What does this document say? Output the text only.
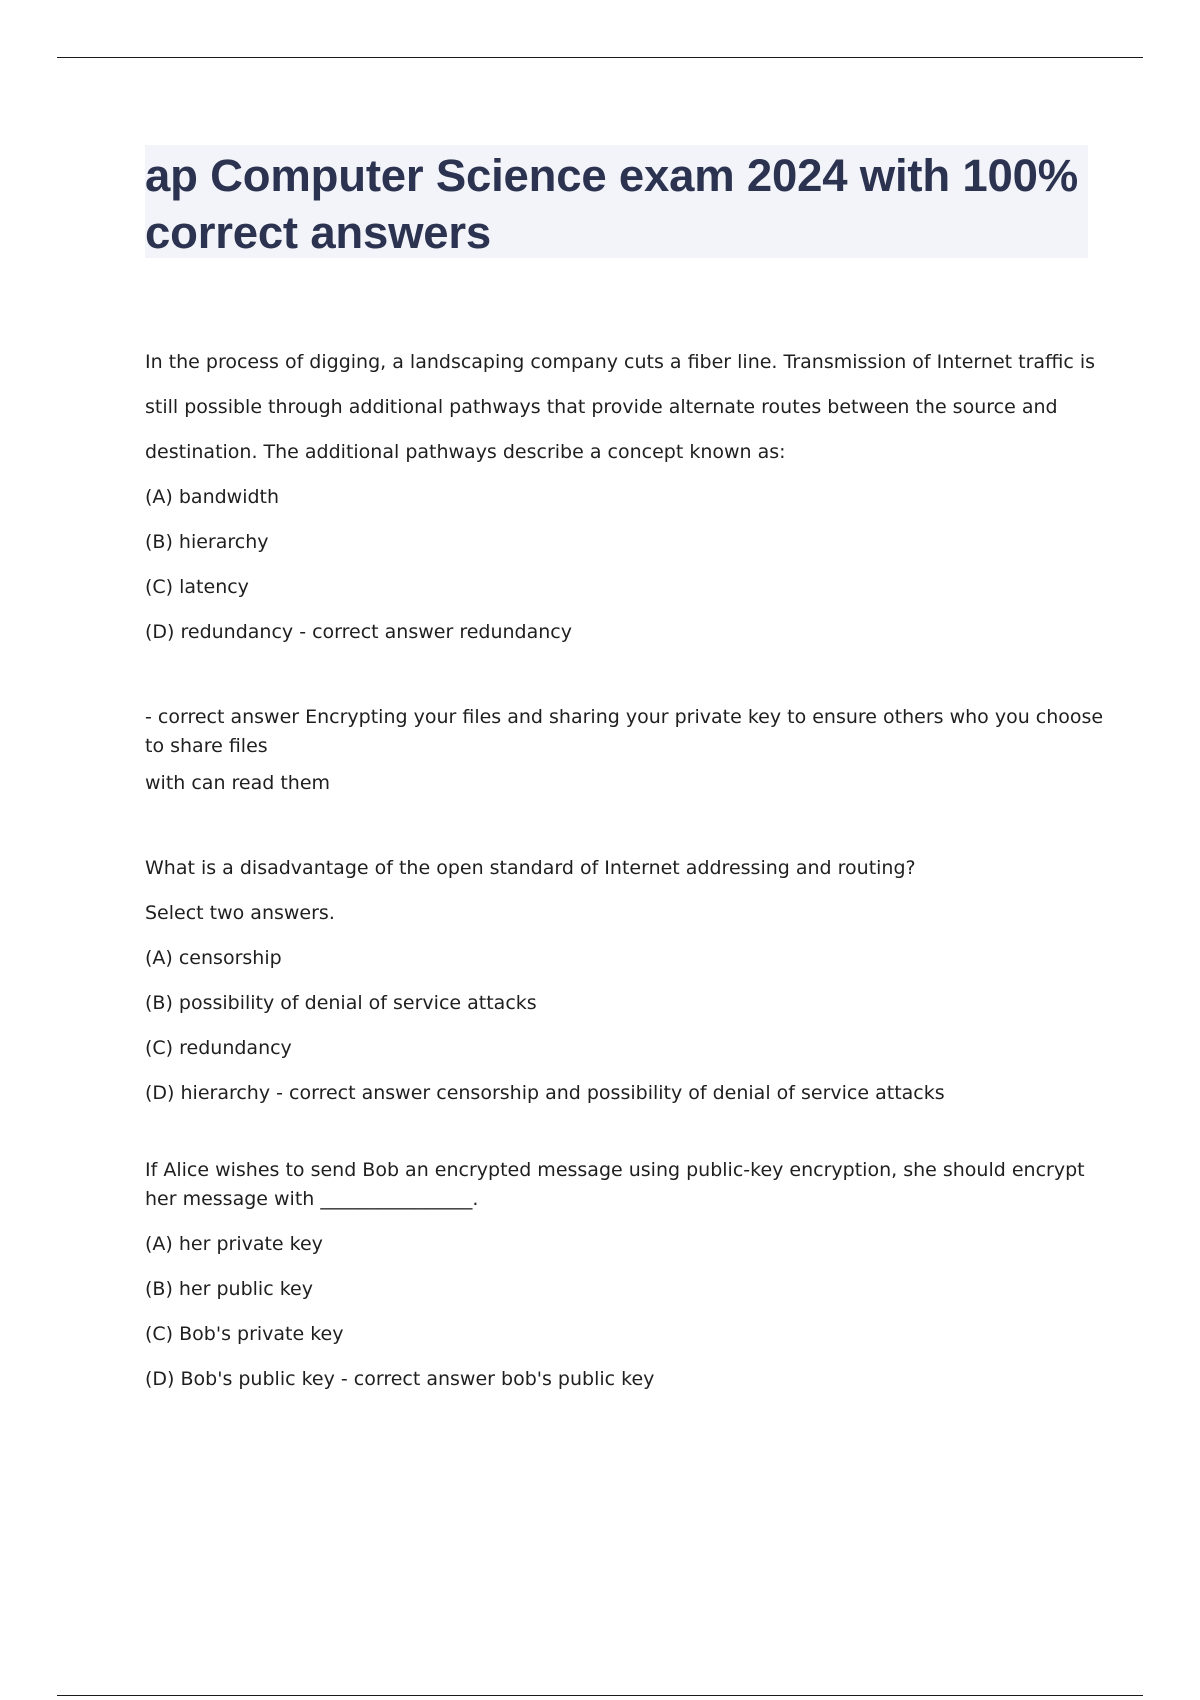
ap Computer Science exam 2024 with 100% correct answers

In the process of digging, a landscaping company cuts a fiber line. Transmission of Internet traffic is

still possible through additional pathways that provide alternate routes between the source and

destination. The additional pathways describe a concept known as:

(A) bandwidth

(B) hierarchy

(C) latency

(D) redundancy - correct answer redundancy

- correct answer Encrypting your files and sharing your private key to ensure others who you choose to share files

with can read them

What is a disadvantage of the open standard of Internet addressing and routing?

Select two answers.

(A) censorship

(B) possibility of denial of service attacks

(C) redundancy

(D) hierarchy - correct answer censorship and possibility of denial of service attacks

If Alice wishes to send Bob an encrypted message using public-key encryption, she should encrypt her message with ________________.

(A) her private key

(B) her public key

(C) Bob's private key

(D) Bob's public key - correct answer bob's public key
